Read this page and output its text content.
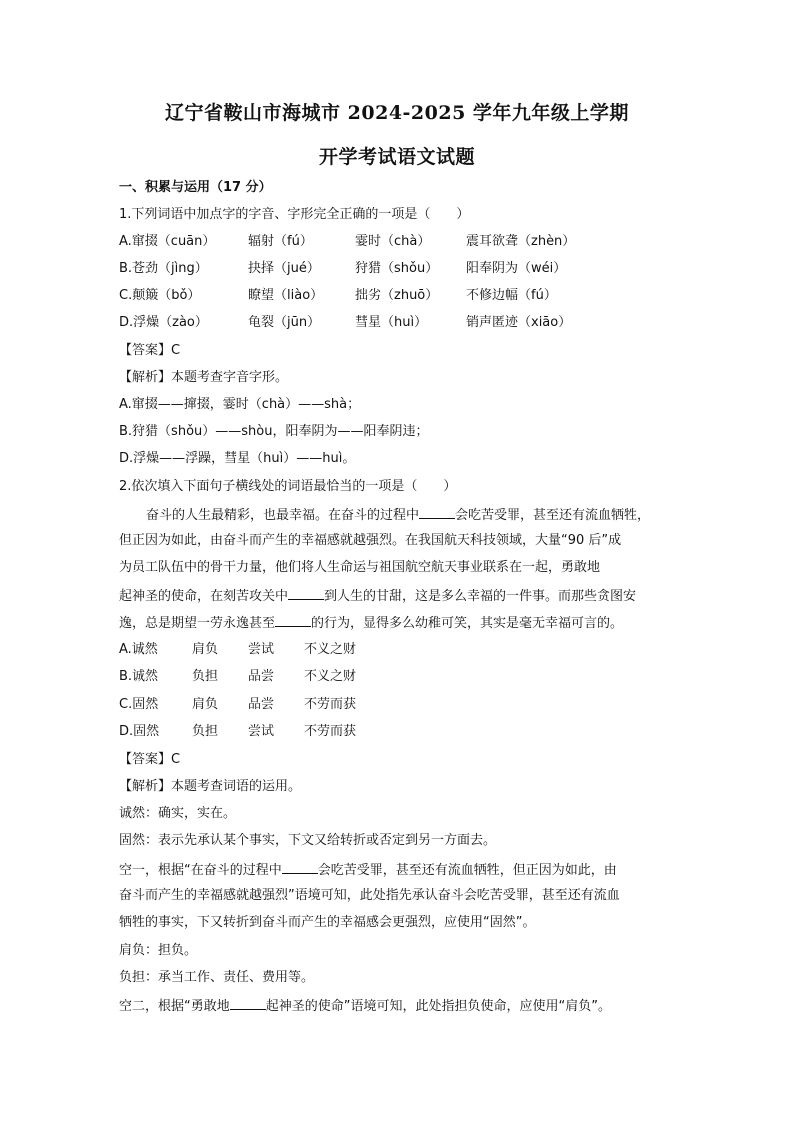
辽宁省鞍山市海城市 2024-2025 学年九年级上学期
开学考试语文试题
一、积累与运用（17 分）
1.下列词语中加点字的字音、字形完全正确的一项是（　　）
A.窜掇（cuān）	辐射（fú）	霎时（chà）	震耳欲聋（zhèn）
B.苍劲（jìng）	抉择（jué）	狩猎（shǒu） 阳奉阴为（wéi）
C.颠簸（bǒ）	瞭望（liào） 拙劣（zhuō） 不修边幅（fú）
D.浮燥（zào）	龟裂（jūn）	彗星（huì）	销声匿迹（xiāo）
【答案】C
【解析】本题考查字音字形。
A.窜掇——撺掇，霎时（chà）——shà；
B.狩猎（shǒu）——shòu，阳奉阴为——阳奉阴违；
D.浮燥——浮躁，彗星（huì）——huì。
2.依次填入下面句子横线处的词语最恰当的一项是（　　）
奋斗的人生最精彩，也最幸福。在奋斗的过程中	会吃苦受罪，甚至还有流血牺牲，
但正因为如此，由奋斗而产生的幸福感就越强烈。在我国航天科技领域，大量“90 后”成
为员工队伍中的骨干力量，他们将人生命运与祖国航空航天事业联系在一起，勇敢地
起神圣的使命，在刻苦攻关中	到人生的甘甜，这是多么幸福的一件事。而那些贪图安
逸，总是期望一劳永逸甚至	的行为，显得多么幼稚可笑，其实是毫无幸福可言的。
A.诚然	肩负 尝试 不义之财
B.诚然	负担 品尝 不义之财
C.固然	肩负 品尝 不劳而获
D.固然	负担 尝试 不劳而获
【答案】C
【解析】本题考查词语的运用。
诚然：确实，实在。
固然：表示先承认某个事实，下文又给转折或否定到另一方面去。
空一，根据“在奋斗的过程中	会吃苦受罪，甚至还有流血牺牲，但正因为如此，由
奋斗而产生的幸福感就越强烈”语境可知，此处指先承认奋斗会吃苦受罪，甚至还有流血
牺牲的事实，下又转折到奋斗而产生的幸福感会更强烈，应使用“固然”。
肩负：担负。
负担：承当工作、责任、费用等。
空二，根据“勇敢地	起神圣的使命”语境可知，此处指担负使命，应使用“肩负”。
